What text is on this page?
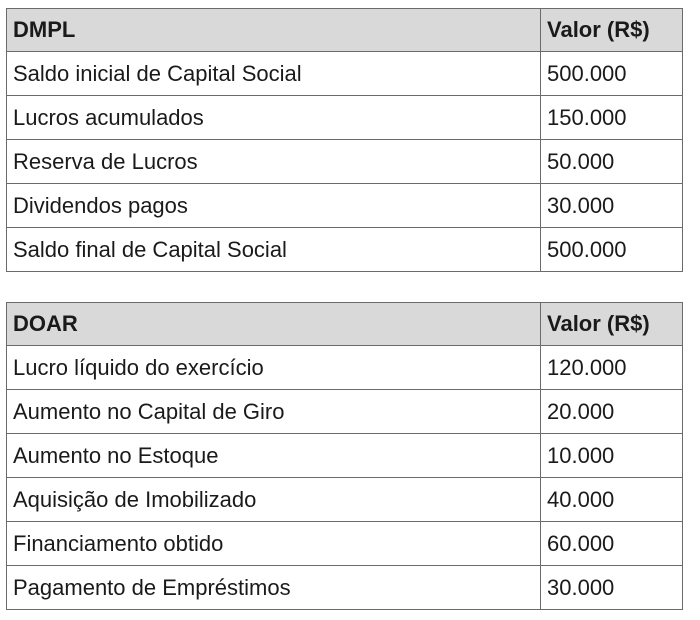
DMPL	Valor (R$)
Saldo inicial de Capital Social	500.000
Lucros acumulados	150.000
Reserva de Lucros	50.000
Dividendos pagos	30.000
Saldo final de Capital Social	500.000
DOAR	Valor (R$)
Lucro líquido do exercício	120.000
Aumento no Capital de Giro	20.000
Aumento no Estoque	10.000
Aquisição de Imobilizado	40.000
Financiamento obtido	60.000
Pagamento de Empréstimos	30.000
